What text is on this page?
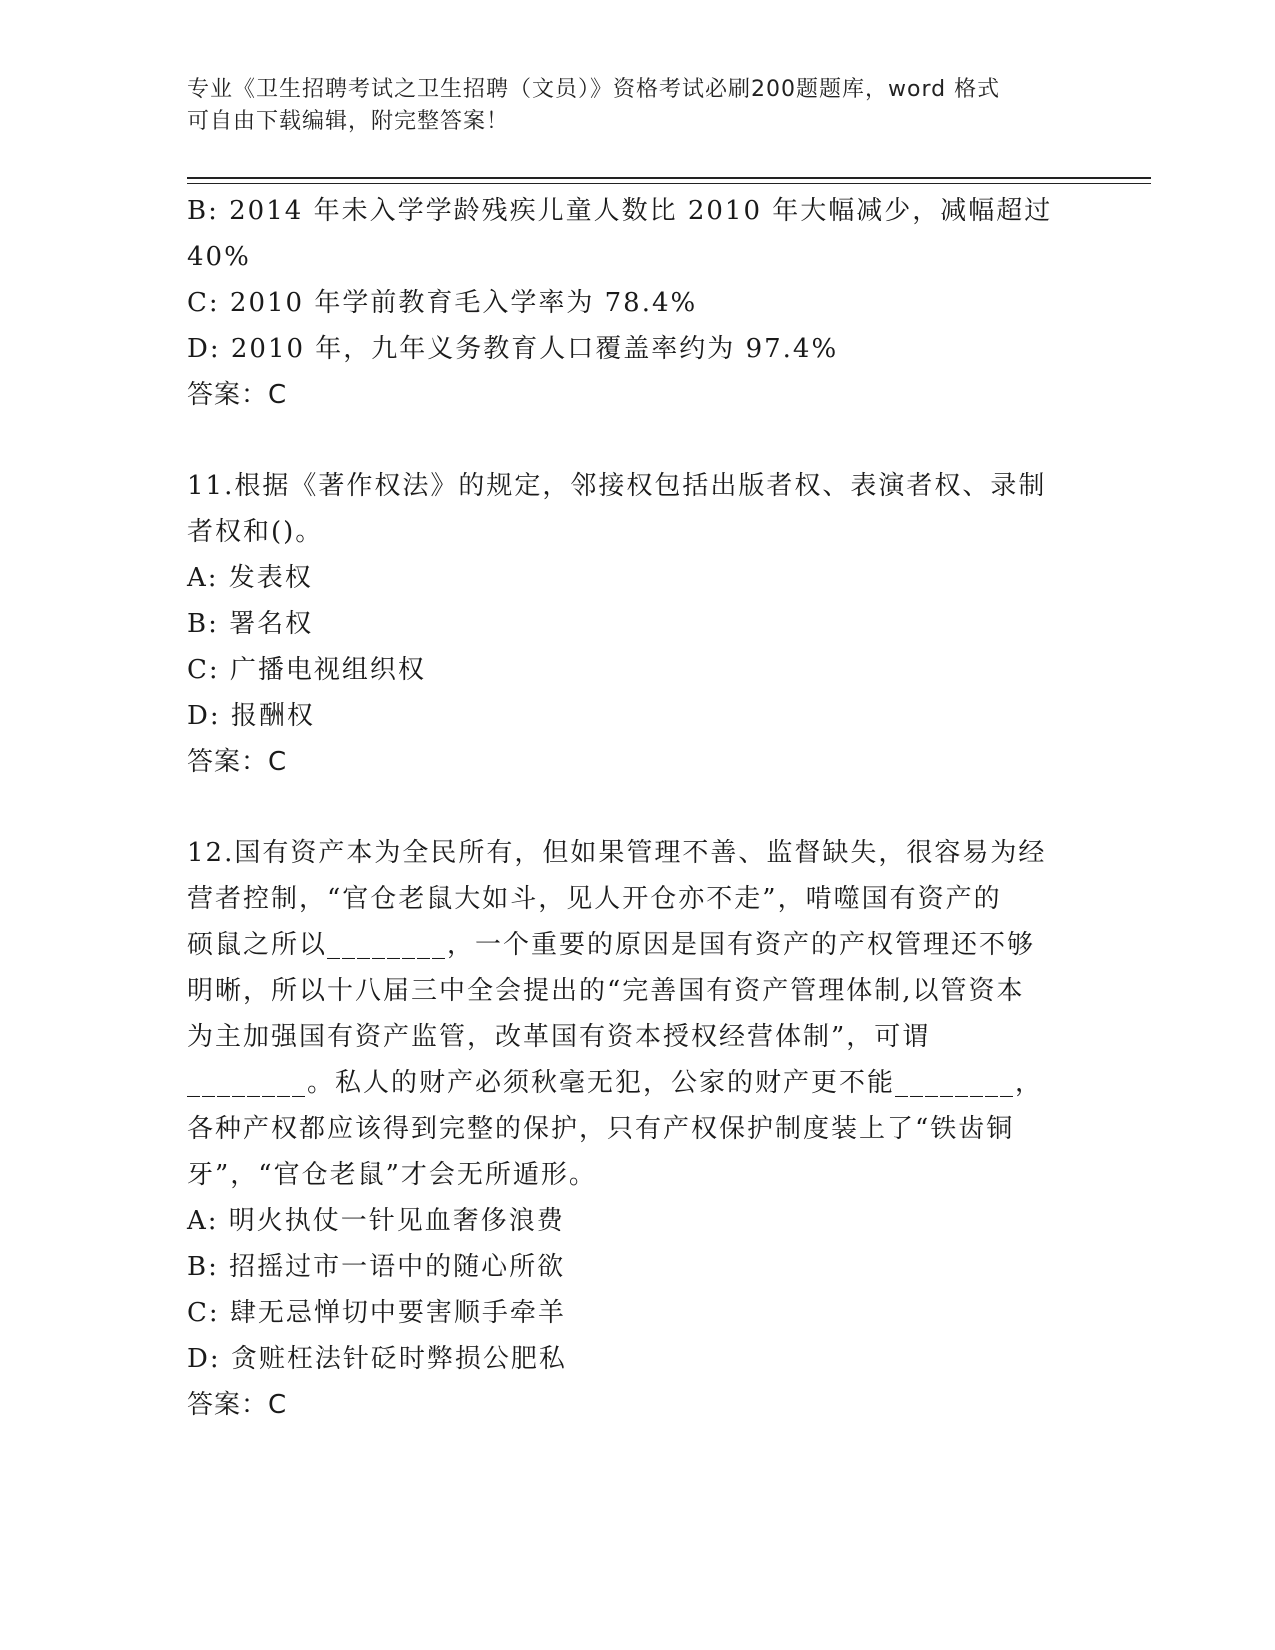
专业《卫生招聘考试之卫生招聘（文员）》资格考试必刷200题题库，word 格式
可自由下载编辑，附完整答案！
B: 2014 年未入学学龄残疾儿童人数比 2010 年大幅减少，减幅超过
40%
C: 2010 年学前教育毛入学率为 78.4%
D: 2010 年，九年义务教育人口覆盖率约为 97.4%
答案：C
11.根据《著作权法》的规定，邻接权包括出版者权、表演者权、录制
者权和()。
A: 发表权
B: 署名权
C: 广播电视组织权
D: 报酬权
答案：C
12.国有资产本为全民所有，但如果管理不善、监督缺失，很容易为经
营者控制，“官仓老鼠大如斗，见人开仓亦不走”，啃噬国有资产的
硕鼠之所以________，一个重要的原因是国有资产的产权管理还不够
明晰，所以十八届三中全会提出的“完善国有资产管理体制,以管资本
为主加强国有资产监管，改革国有资本授权经营体制”，可谓
________。私人的财产必须秋毫无犯，公家的财产更不能________，
各种产权都应该得到完整的保护，只有产权保护制度装上了“铁齿铜
牙”，“官仓老鼠”才会无所遁形。
A: 明火执仗一针见血奢侈浪费
B: 招摇过市一语中的随心所欲
C: 肆无忌惮切中要害顺手牵羊
D: 贪赃枉法针砭时弊损公肥私
答案：C
